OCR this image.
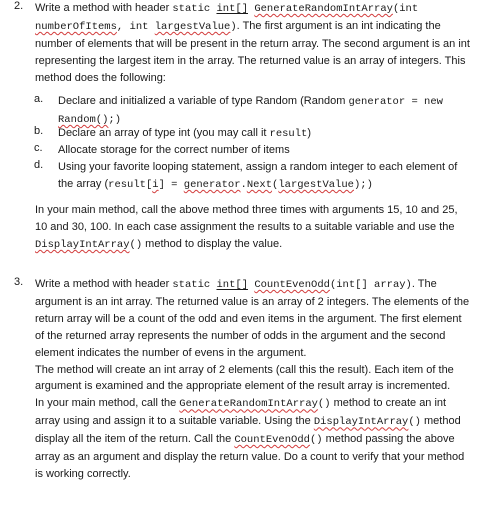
2. Write a method with header static int[] GenerateRandomIntArray(int numberOfItems, int largestValue). The first argument is an int indicating the number of elements that will be present in the return array. The second argument is an int representing the largest item in the array. The returned value is an array of integers. This method does the following:
a. Declare and initialized a variable of type Random (Random generator = new Random();)
b. Declare an array of type int (you may call it result)
c. Allocate storage for the correct number of items
d. Using your favorite looping statement, assign a random integer to each element of the array (result[i] = generator.Next(largestValue);)
In your main method, call the above method three times with arguments 15, 10 and 25, 10 and 30, 100. In each case assignment the results to a suitable variable and use the DisplayIntArray() method to display the value.
3. Write a method with header static int[] CountEvenOdd(int[] array). The argument is an int array. The returned value is an array of 2 integers. The elements of the return array will be a count of the odd and even items in the argument. The first element of the returned array represents the number of odds in the argument and the second element indicates the number of evens in the argument.
The method will create an int array of 2 elements (call this the result). Each item of the argument is examined and the appropriate element of the result array is incremented.
In your main method, call the GenerateRandomIntArray() method to create an int array using and assign it to a suitable variable. Using the DisplayIntArray() method display all the item of the return. Call the CountEvenOdd() method passing the above array as an argument and display the return value. Do a count to verify that your method is working correctly.
